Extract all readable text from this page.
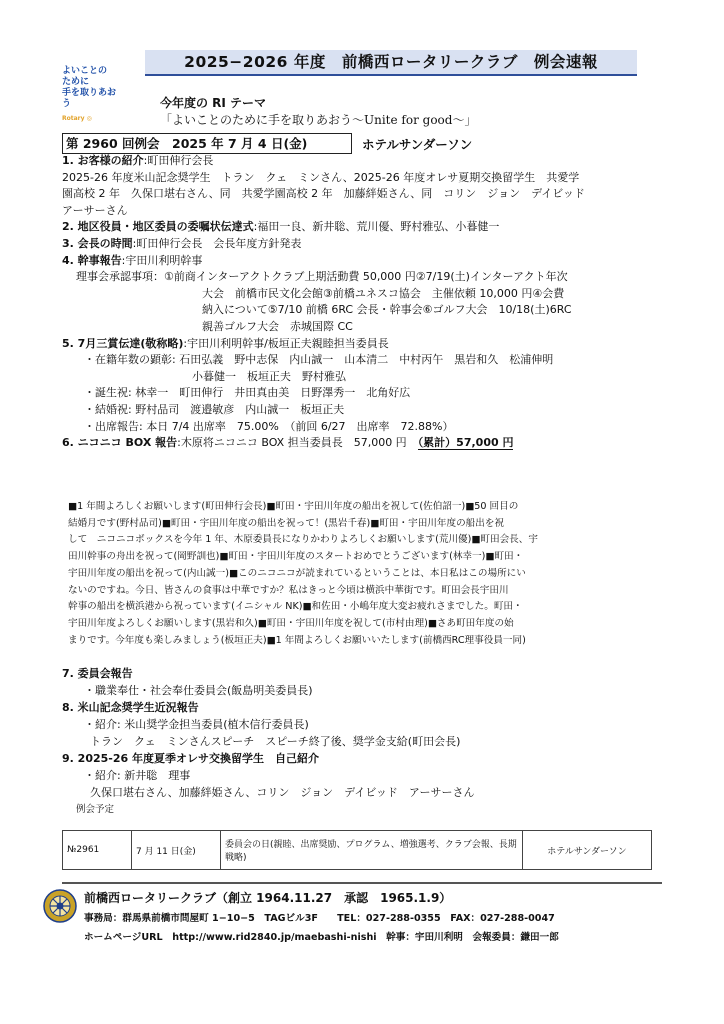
2025−2026 年度　前橋西ロータリークラブ　例会速報
よいことの
ために
手を取りあおう
Rotary ◎
今年度の RI テーマ
「よいことのために手を取りあおう～Unite for good～」
第 2960 回例会　2025 年 7 月 4 日(金)	ホテルサンダーソン

1. お客様の紹介:町田伸行会長

2025-26 年度米山記念奨学生　トラン　クェ　ミンさん、2025-26 年度オレサ夏期交換留学生　共愛学

園高校 2 年　久保口堪右さん、同　共愛学園高校 2 年　加藤絆姫さん、同　コリン　ジョン　デイビッド

アーサーさん

2. 地区役員・地区委員の委嘱状伝達式:福田一良、新井聡、荒川優、野村雅弘、小暮健一

3. 会長の時間:町田伸行会長　会長年度方針発表

4. 幹事報告:宇田川利明幹事

理事会承認事項：①前商インターアクトクラブ上期活動費 50,000 円②7/19(土)インターアクト年次

大会　前橋市民文化会館③前橋ユネスコ協会　主催依頼 10,000 円④会費

納入について⑤7/10 前橋 6RC 会長・幹事会⑥ゴルフ大会　10/18(土)6RC

親善ゴルフ大会　赤城国際 CC

5. 7月三賞伝達(敬称略):宇田川利明幹事/板垣正夫親睦担当委員長

・在籍年数の顕彰: 石田弘義　野中志保　内山誠一　山本清二　中村丙午　黒岩和久　松浦伸明

小暮健一　板垣正夫　野村雅弘

・誕生祝: 林幸一　町田伸行　井田真由美　日野澤秀一　北角好広

・結婚祝: 野村品司　渡邉敏彦　内山誠一　板垣正夫

・出席報告: 本日 7/4 出席率　75.00%　（前回 6/27　出席率　72.88%）

6. ニコニコ BOX 報告:木原将ニコニコ BOX 担当委員長　57,000 円　（累計）57,000 円

■1 年間よろしくお願いします(町田伸行会長)■町田・宇田川年度の船出を祝して(佐伯詔一)■50 回目の

結婚月です(野村品司)■町田・宇田川年度の船出を祝って！(黒岩千春)■町田・宇田川年度の船出を祝

して　ニコニコボックスを今年 1 年、木原委員長になりかわりよろしくお願いします(荒川優)■町田会長、宇

田川幹事の舟出を祝って(岡野訓也)■町田・宇田川年度のスタートおめでとうございます(林幸一)■町田・

宇田川年度の船出を祝って(内山誠一)■このニコニコが読まれているということは、本日私はこの場所にい

ないのですね。今日、皆さんの食事は中華ですか？私はきっと今頃は横浜中華街です。町田会長宇田川

幹事の船出を横浜港から祝っています(イニシャル NK)■和佐田・小嶋年度大変お疲れさまでした。町田・

宇田川年度よろしくお願いします(黒岩和久)■町田・宇田川年度を祝して(市村由理)■さあ町田年度の始

まりです。今年度も楽しみましょう(板垣正夫)■1 年間よろしくお願いいたします(前橋西RC理事役員一同)

7. 委員会報告

・職業奉仕・社会奉仕委員会(飯島明美委員長)

8. 米山記念奨学生近況報告

・紹介: 米山奨学金担当委員(植木信行委員長)

トラン　クェ　ミンさんスピーチ　スピーチ終了後、奨学金支給(町田会長)

9. 2025-26 年度夏季オレサ交換留学生　自己紹介

・紹介: 新井聡　理事

久保口堪右さん、加藤絆姫さん、コリン　ジョン　デイビッド　アーサーさん

例会予定

№2961	7 月 11 日(金)	委員会の日(親睦、出席奨励、プログラム、増強選考、クラブ会報、長期戦略)	ホテルサンダーソン
前橋西ロータリークラブ（創立 1964.11.27　承認　1965.1.9）
事務局：群馬県前橋市問屋町 1−10−5　TAGビル3F　　TEL：027-288-0355　FAX：027-288-0047
ホームページURL　http://www.rid2840.jp/maebashi-nishi　幹事：宇田川利明　会報委員：鎌田一郎
